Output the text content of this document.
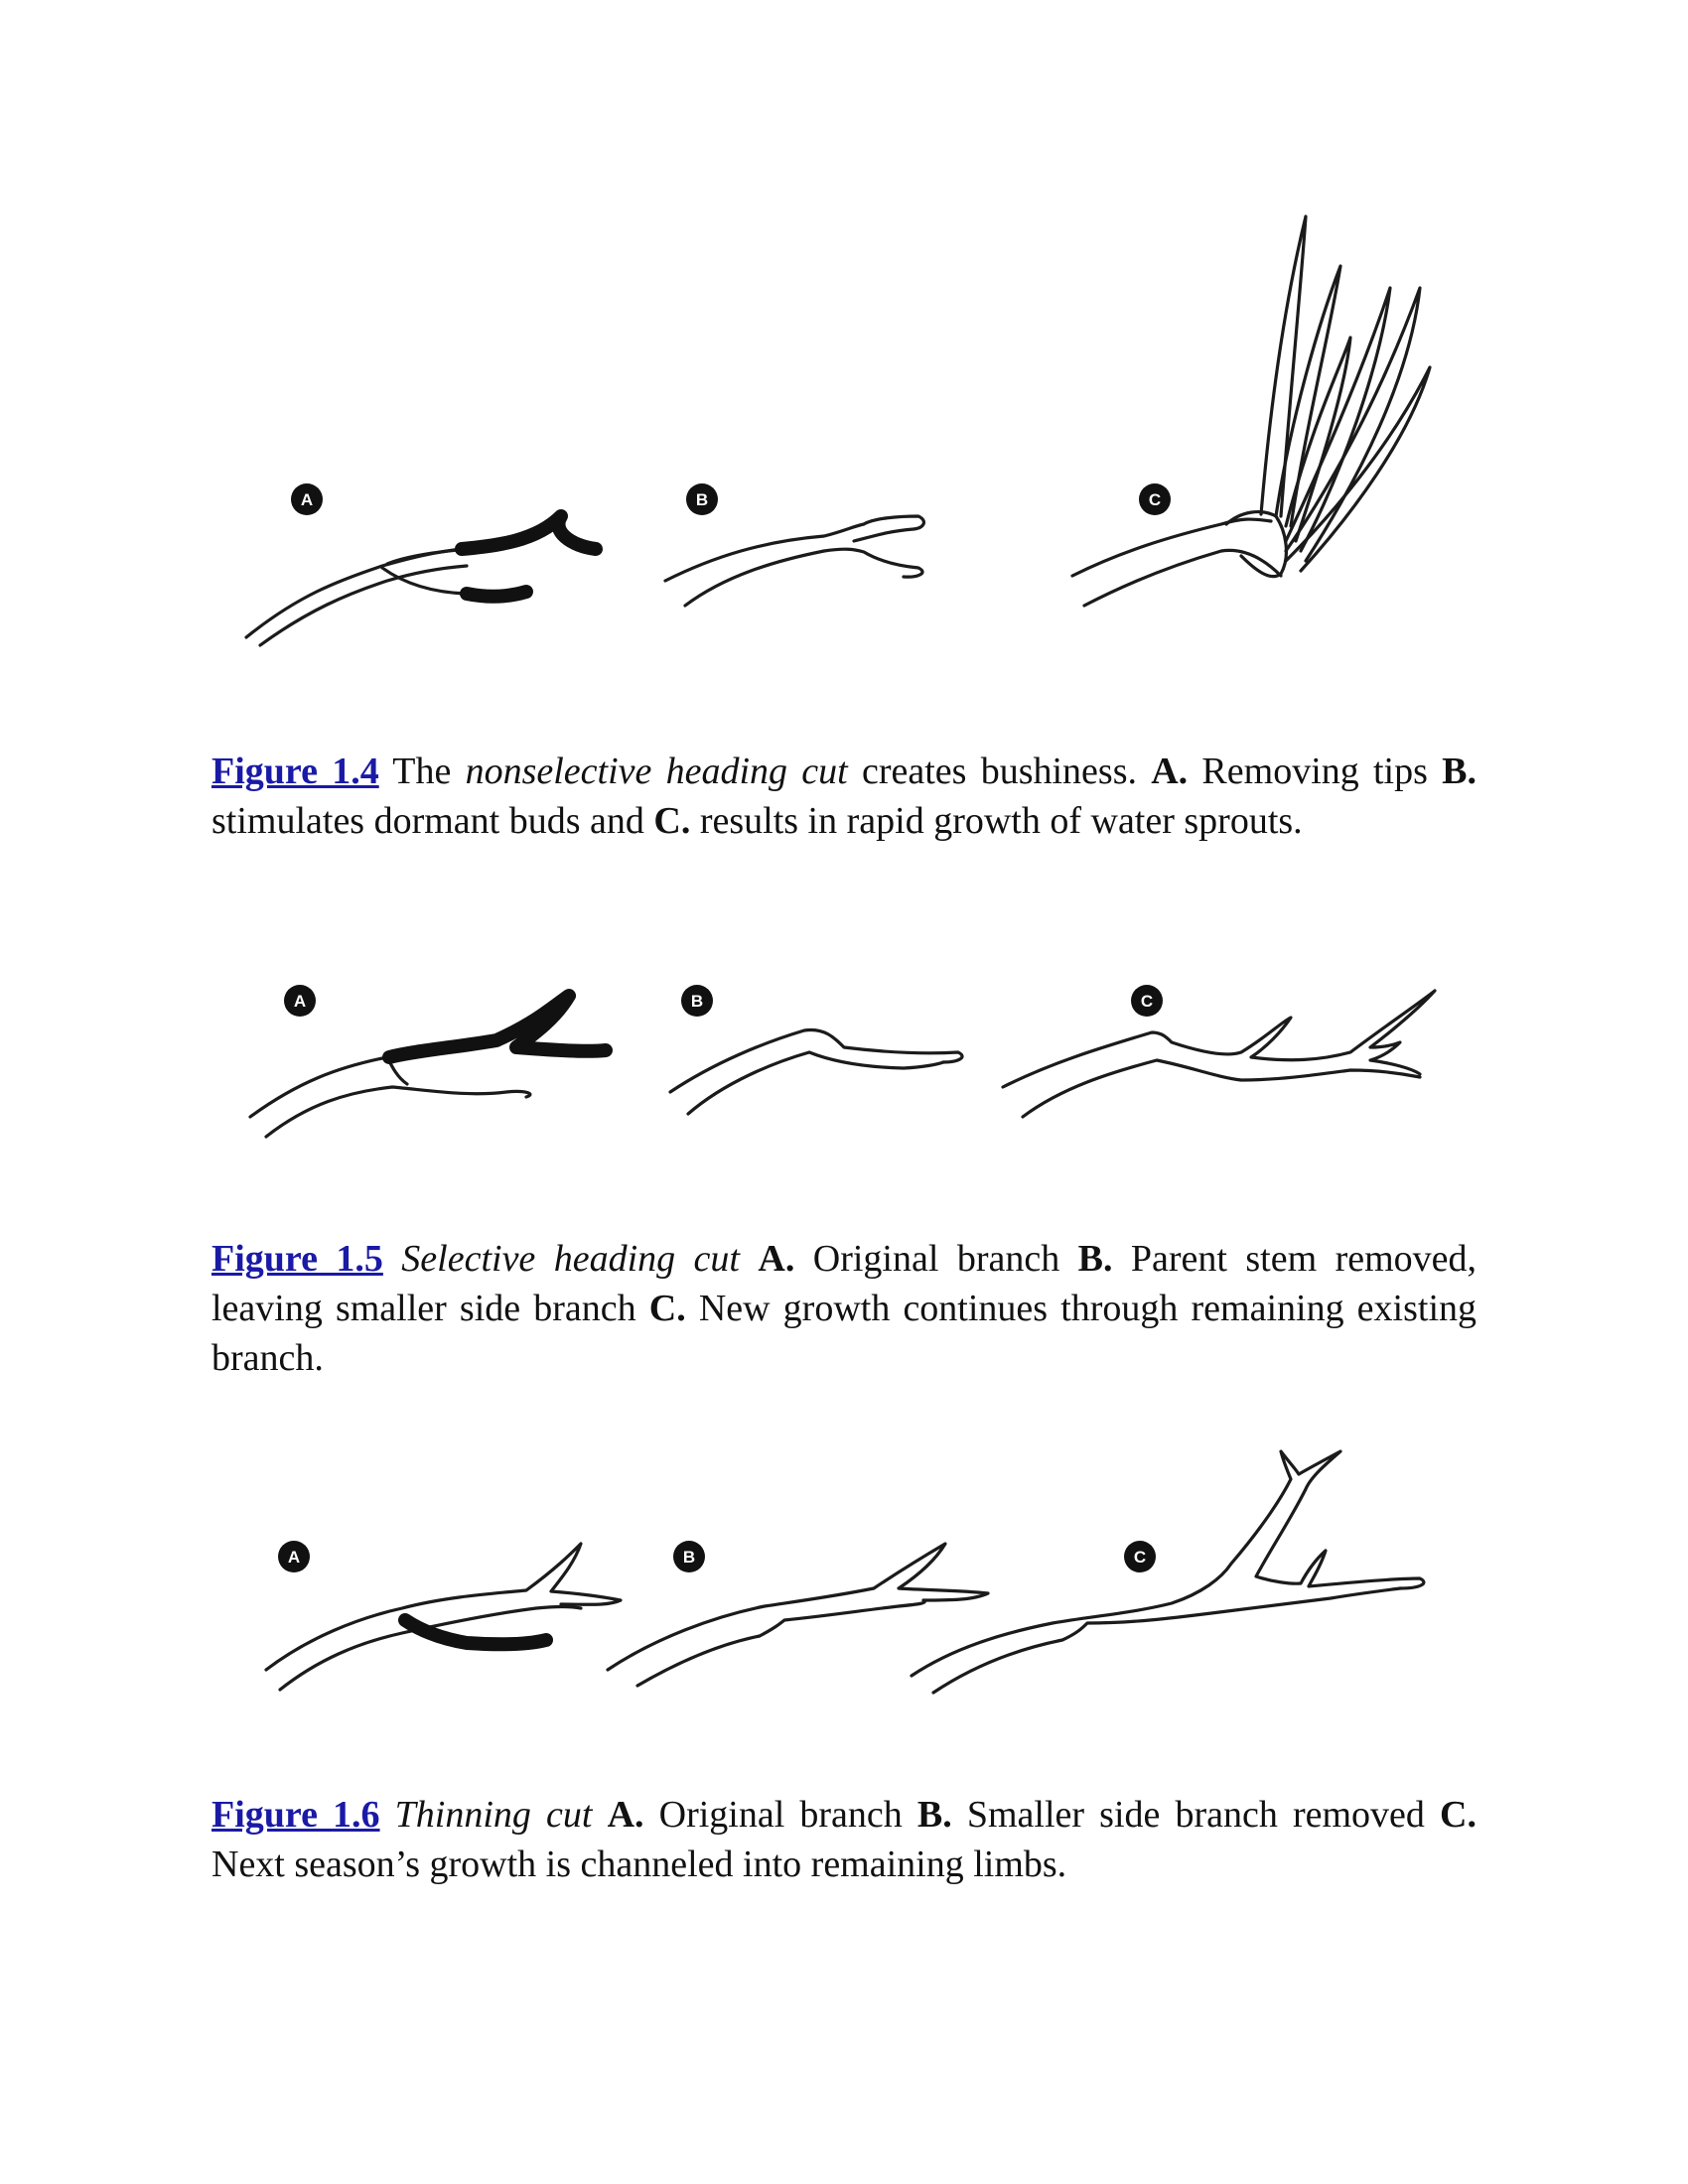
A	B	C

Figure 1.4 The nonselective heading cut creates bushiness. A. Removing tips B. stimulates dormant buds and C. results in rapid growth of water sprouts.

A	B	C

Figure 1.5 Selective heading cut A. Original branch B. Parent stem removed, leaving smaller side branch C. New growth continues through remaining existing branch.

A	B	C

Figure 1.6 Thinning cut A. Original branch B. Smaller side branch removed C. Next season’s growth is channeled into remaining limbs.
